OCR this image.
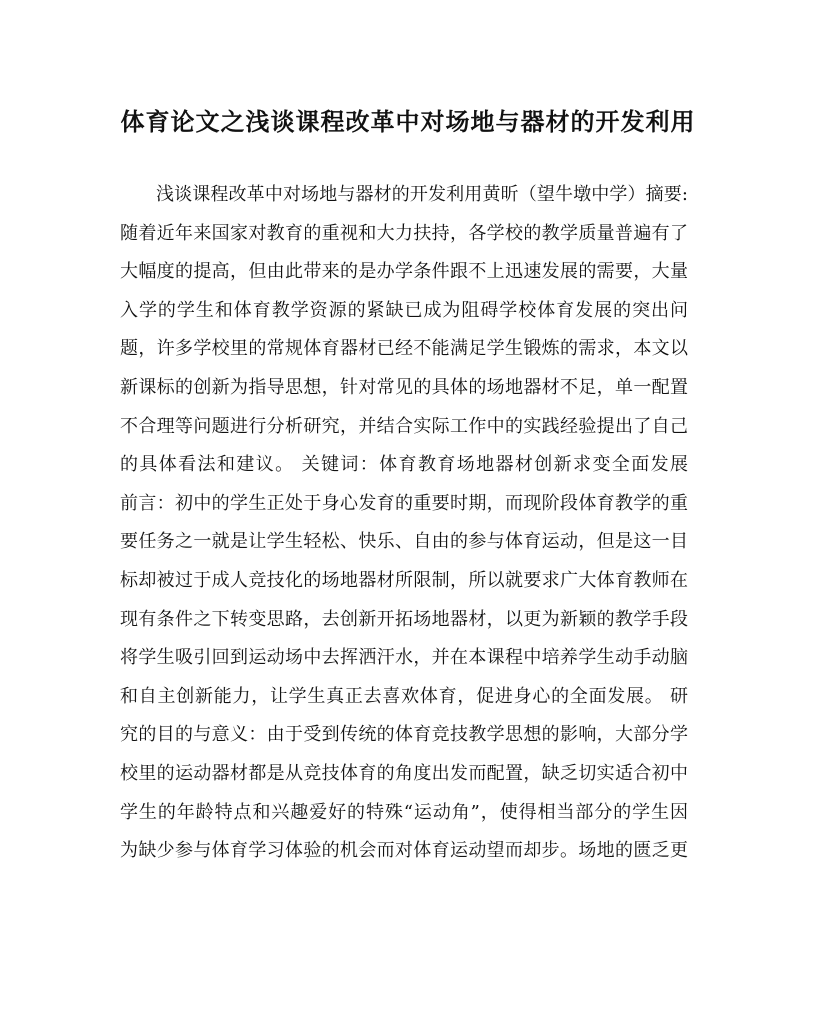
体育论文之浅谈课程改革中对场地与器材的开发利用
浅谈课程改革中对场地与器材的开发利用黄昕（望牛墩中学）摘要:
随着近年来国家对教育的重视和大力扶持，各学校的教学质量普遍有了
大幅度的提高，但由此带来的是办学条件跟不上迅速发展的需要，大量
入学的学生和体育教学资源的紧缺已成为阻碍学校体育发展的突出问
题，许多学校里的常规体育器材已经不能满足学生锻炼的需求，本文以
新课标的创新为指导思想，针对常见的具体的场地器材不足，单一配置
不合理等问题进行分析研究，并结合实际工作中的实践经验提出了自己
的具体看法和建议。 关键词：体育教育场地器材创新求变全面发展
前言：初中的学生正处于身心发育的重要时期，而现阶段体育教学的重
要任务之一就是让学生轻松、快乐、自由的参与体育运动，但是这一目
标却被过于成人竞技化的场地器材所限制，所以就要求广大体育教师在
现有条件之下转变思路，去创新开拓场地器材，以更为新颖的教学手段
将学生吸引回到运动场中去挥洒汗水，并在本课程中培养学生动手动脑
和自主创新能力，让学生真正去喜欢体育，促进身心的全面发展。 研
究的目的与意义：由于受到传统的体育竞技教学思想的影响，大部分学
校里的运动器材都是从竞技体育的角度出发而配置，缺乏切实适合初中
学生的年龄特点和兴趣爱好的特殊“运动角”，使得相当部分的学生因
为缺少参与体育学习体验的机会而对体育运动望而却步。场地的匮乏更
